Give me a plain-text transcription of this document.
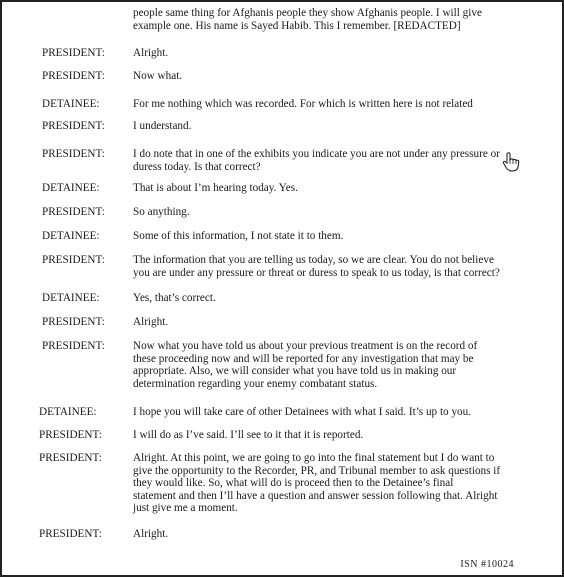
people same thing for Afghanis people they show Afghanis people. I will give
example one. His name is Sayed Habib. This I remember. [REDACTED]
PRESIDENT:	Alright.
PRESIDENT:	Now what.
DETAINEE:	For me nothing which was recorded. For which is written here is not related
PRESIDENT:	I understand.
PRESIDENT:	I do note that in one of the exhibits you indicate you are not under any pressure or
duress today. Is that correct?
DETAINEE:	That is about I’m hearing today. Yes.
PRESIDENT:	So anything.
DETAINEE:	Some of this information, I not state it to them.
PRESIDENT:	The information that you are telling us today, so we are clear. You do not believe
you are under any pressure or threat or duress to speak to us today, is that correct?
DETAINEE:	Yes, that’s correct.
PRESIDENT:	Alright.
PRESIDENT:	Now what you have told us about your previous treatment is on the record of
these proceeding now and will be reported for any investigation that may be
appropriate. Also, we will consider what you have told us in making our
determination regarding your enemy combatant status.
DETAINEE:	I hope you will take care of other Detainees with what I said. It’s up to you.
PRESIDENT:	I will do as I’ve said. I’ll see to it that it is reported.
PRESIDENT:	Alright. At this point, we are going to go into the final statement but I do want to
give the opportunity to the Recorder, PR, and Tribunal member to ask questions if
they would like. So, what will do is proceed then to the Detainee’s final
statement and then I’ll have a question and answer session following that. Alright
just give me a moment.
PRESIDENT:	Alright.
ISN #10024
